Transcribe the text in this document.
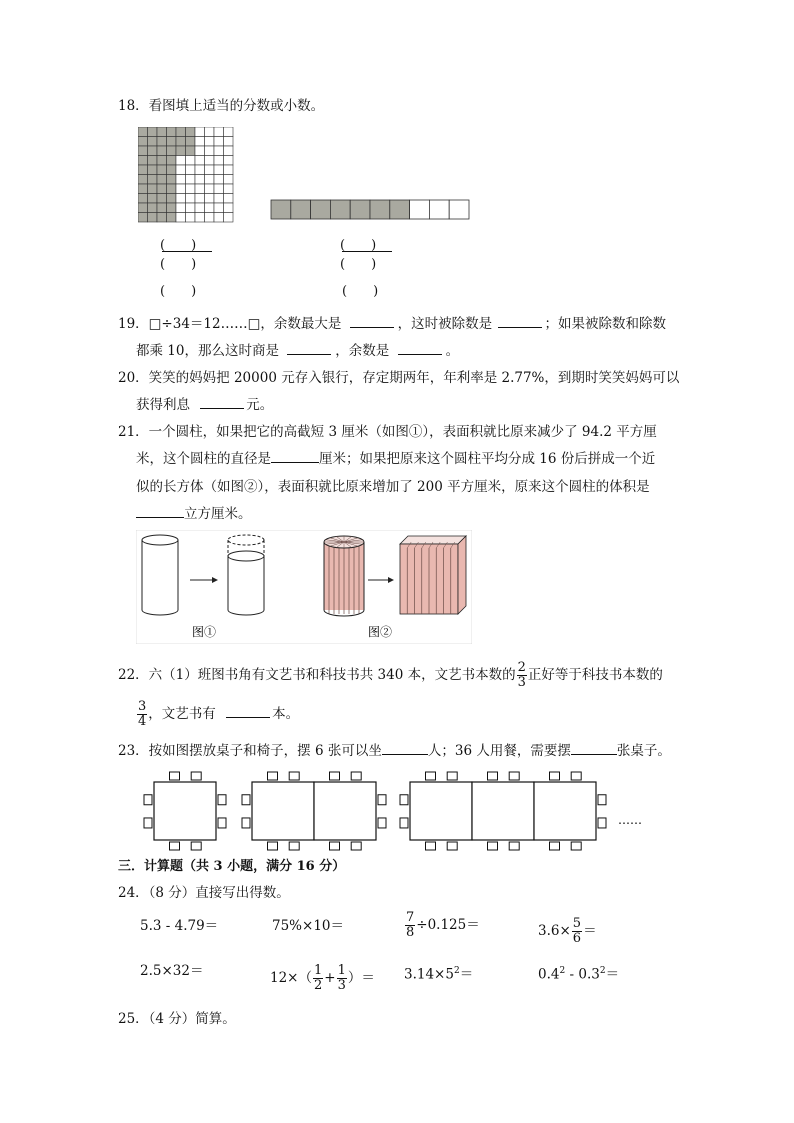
18．看图填上适当的分数或小数。
(　　)
(　　)
(　　)
(　　)
(　　)
(　　)
19．□÷34＝12……□，余数最大是	，这时被除数是	；如果被除数和除数
都乘 10，那么这时商是	，余数是	。
20．笑笑的妈妈把 20000 元存入银行，存定期两年，年利率是 2.77%，到期时笑笑妈妈可以
获得利息	元。
21．一个圆柱，如果把它的高截短 3 厘米（如图①），表面积就比原来减少了 94.2 平方厘
米，这个圆柱的直径是	厘米；如果把原来这个圆柱平均分成 16 份后拼成一个近
似的长方体（如图②），表面积就比原来增加了 200 平方厘米，原来这个圆柱的体积是
立方厘米。
图①	图②
22．六（1）班图书角有文艺书和科技书共 340 本，文艺书本数的 $\frac{2}{3}$ 正好等于科技书本数的
$\frac{3}{4}$ ，文艺书有	本。
23．按如图摆放桌子和椅子，摆 6 张可以坐	人；36 人用餐，需要摆	张桌子。
……
三．计算题（共 3 小题，满分 16 分）
24．（8 分）直接写出得数。
5.3 - 4.79＝	75%×10＝	$\frac{7}{8} \div 0.125=$	$3.6\times \frac{5}{6}$ ＝
2.5×32＝	$12\times( \frac{1}{2} + \frac{1}{3}$ ）＝ $3.14\times 5^2=$	$0.4^2 - 0.3^2=$
25．（4 分）简算。
